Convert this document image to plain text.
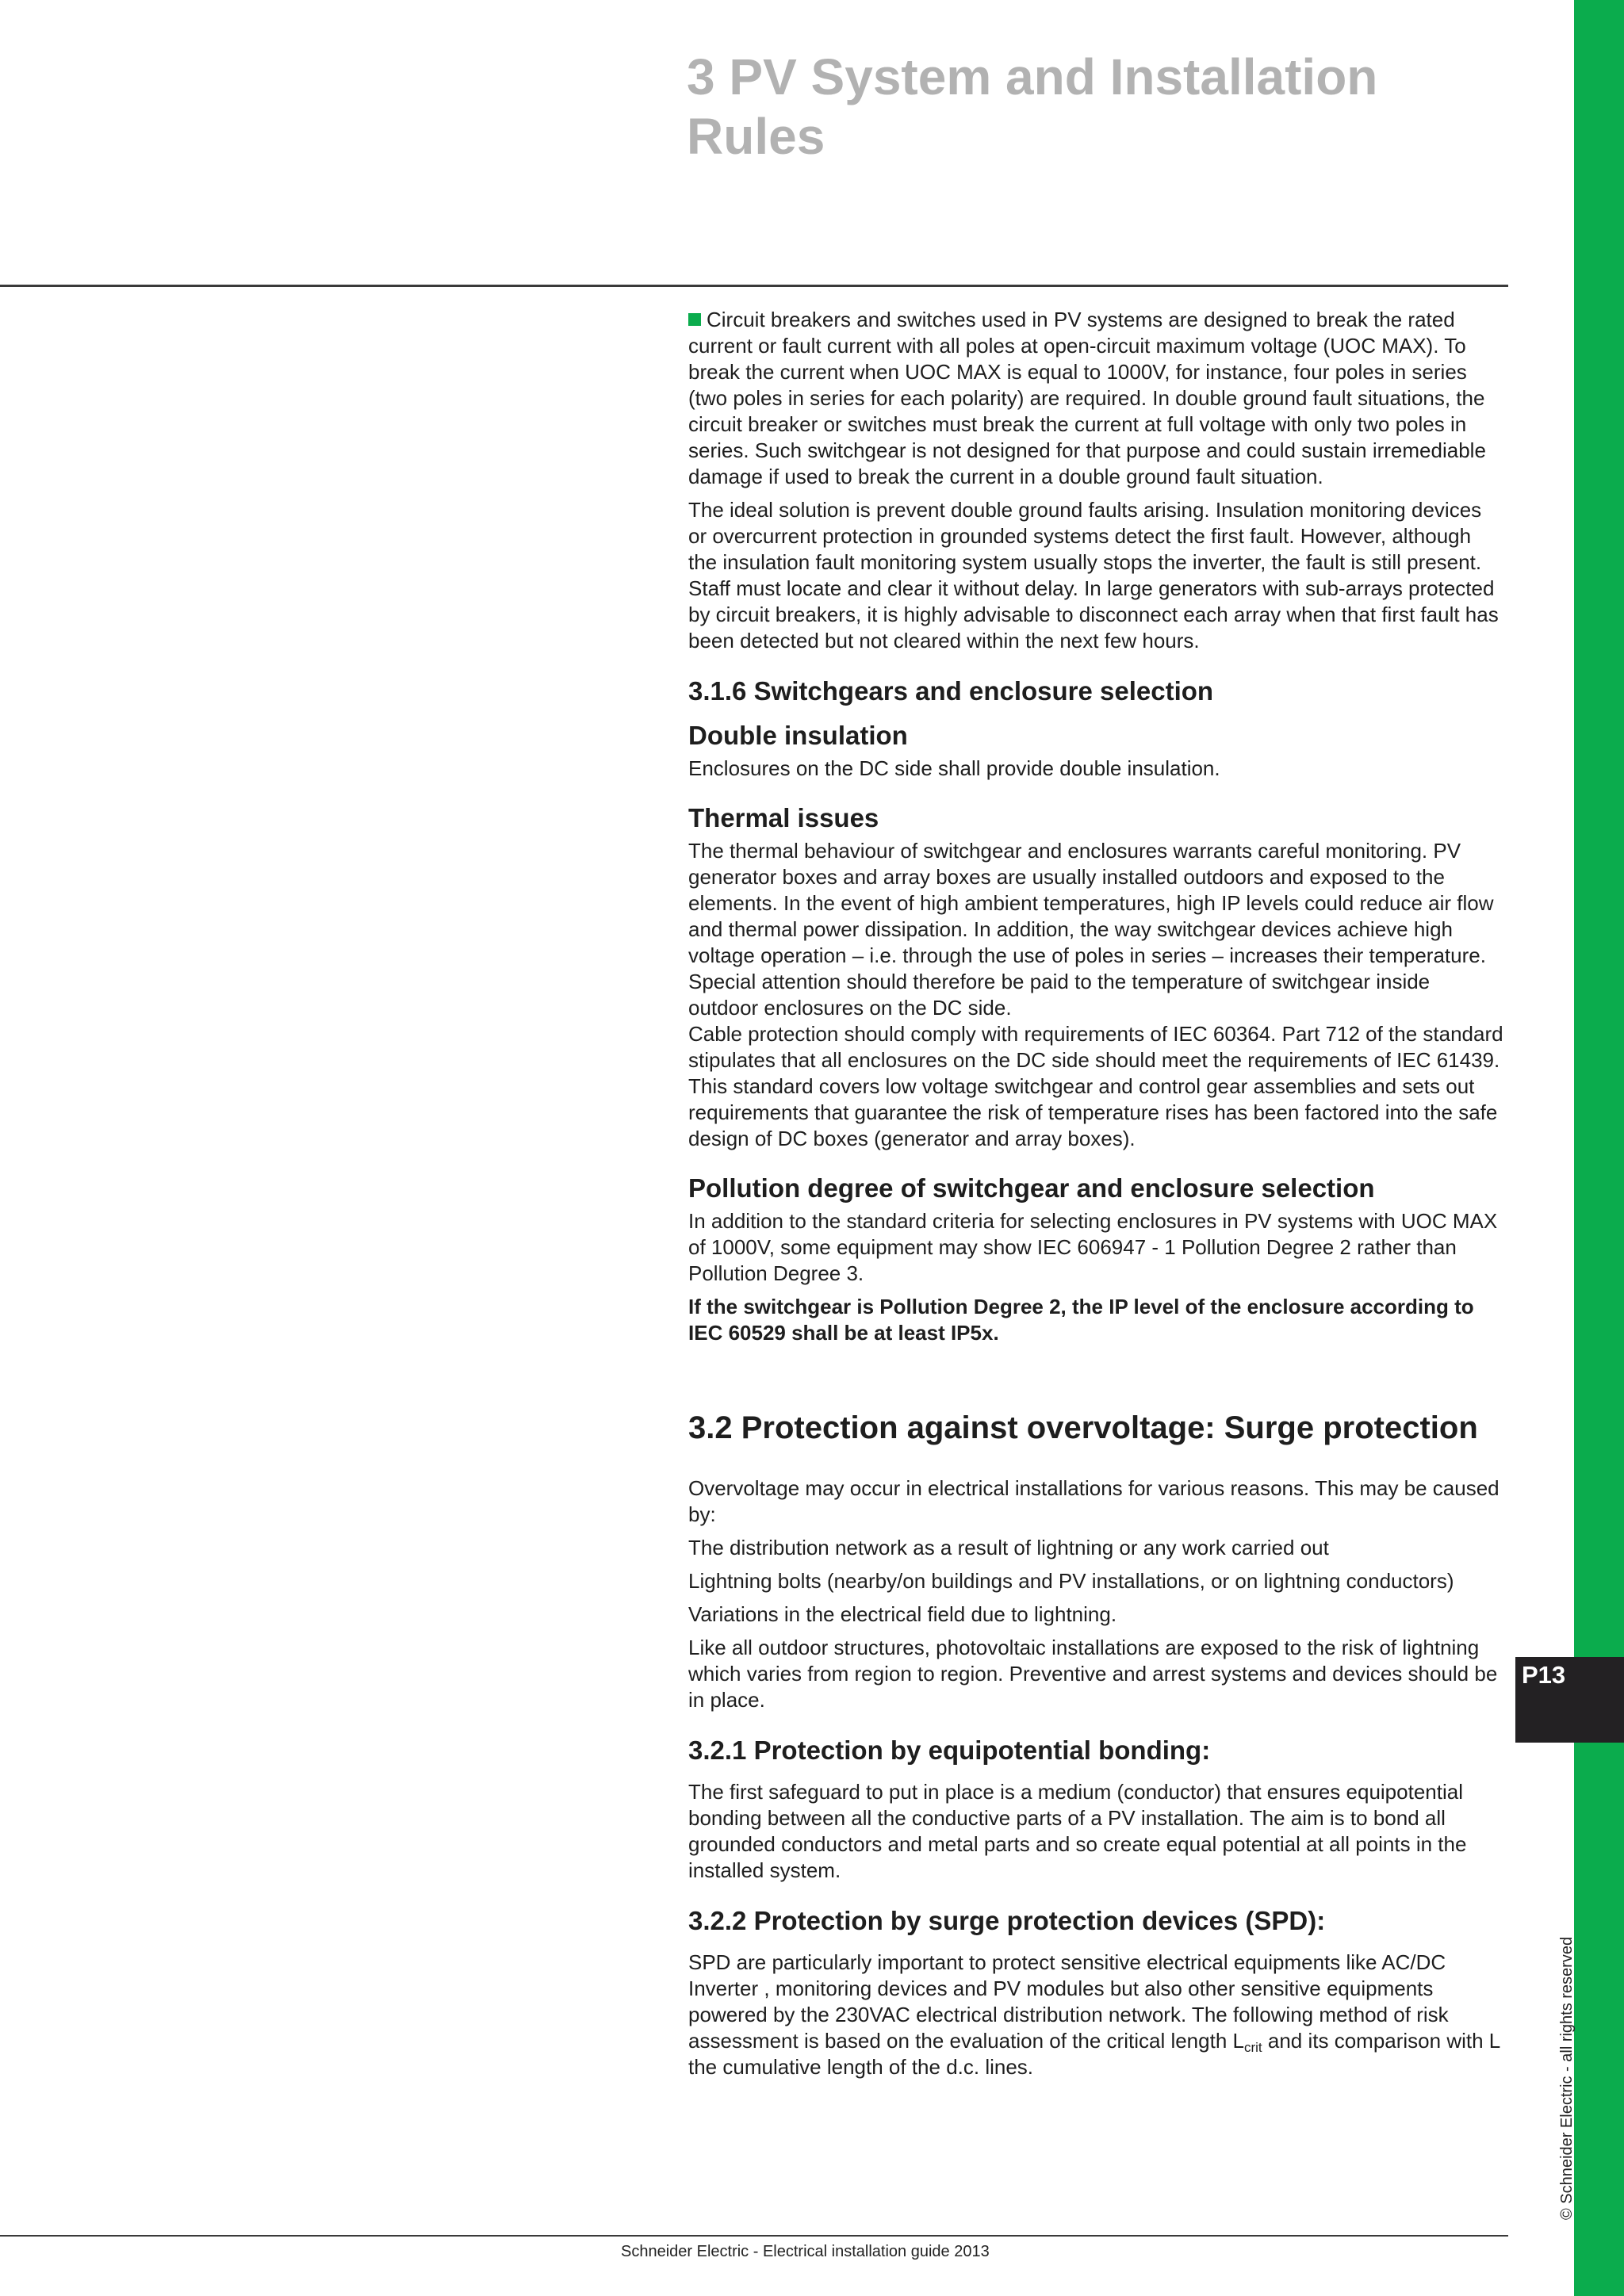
P13
© Schneider Electric - all rights reserved
3 PV System and Installation Rules

Circuit breakers and switches used in PV systems are designed to break the rated current or fault current with all poles at open-circuit maximum voltage (UOC MAX). To break the current when UOC MAX is equal to 1000V, for instance, four poles in series (two poles in series for each polarity) are required. In double ground fault situations, the circuit breaker or switches must break the current at full voltage with only two poles in series. Such switchgear is not designed for that purpose and could sustain irremediable damage if used to break the current in a double ground fault situation.

The ideal solution is prevent double ground faults arising. Insulation monitoring devices or overcurrent protection in grounded systems detect the first fault. However, although the insulation fault monitoring system usually stops the inverter, the fault is still present. Staff must locate and clear it without delay. In large generators with sub-arrays protected by circuit breakers, it is highly advisable to disconnect each array when that first fault has been detected but not cleared within the next few hours.

3.1.6 Switchgears and enclosure selection
Double insulation

Enclosures on the DC side shall provide double insulation.

Thermal issues

The thermal behaviour of switchgear and enclosures warrants careful monitoring. PV generator boxes and array boxes are usually installed outdoors and exposed to the elements. In the event of high ambient temperatures, high IP levels could reduce air flow and thermal power dissipation. In addition, the way switchgear devices achieve high voltage operation – i.e. through the use of poles in series – increases their temperature. Special attention should therefore be paid to the temperature of switchgear inside outdoor enclosures on the DC side.

Cable protection should comply with requirements of IEC 60364. Part 712 of the standard stipulates that all enclosures on the DC side should meet the requirements of IEC 61439. This standard covers low voltage switchgear and control gear assemblies and sets out requirements that guarantee the risk of temperature rises has been factored into the safe design of DC boxes (generator and array boxes).

Pollution degree of switchgear and enclosure selection

In addition to the standard criteria for selecting enclosures in PV systems with UOC MAX of 1000V, some equipment may show IEC 606947 - 1 Pollution Degree 2 rather than Pollution Degree 3.

If the switchgear is Pollution Degree 2, the IP level of the enclosure according to IEC 60529 shall be at least IP5x.

3.2 Protection against overvoltage: Surge protection

Overvoltage may occur in electrical installations for various reasons. This may be caused by:

The distribution network as a result of lightning or any work carried out

Lightning bolts (nearby/on buildings and PV installations, or on lightning conductors)

Variations in the electrical field due to lightning.

Like all outdoor structures, photovoltaic installations are exposed to the risk of lightning which varies from region to region. Preventive and arrest systems and devices should be in place.

3.2.1 Protection by equipotential bonding:

The first safeguard to put in place is a medium (conductor) that ensures equipotential bonding between all the conductive parts of a PV installation. The aim is to bond all grounded conductors and metal parts and so create equal potential at all points in the installed system.

3.2.2 Protection by surge protection devices (SPD):

SPD are particularly important to protect sensitive electrical equipments like AC/DC Inverter , monitoring devices and PV modules but also other sensitive equipments powered by the 230VAC electrical distribution network. The following method of risk assessment is based on the evaluation of the critical length $L_{crit}$ and its comparison with L the cumulative length of the d.c. lines.

Schneider Electric - Electrical installation guide 2013
